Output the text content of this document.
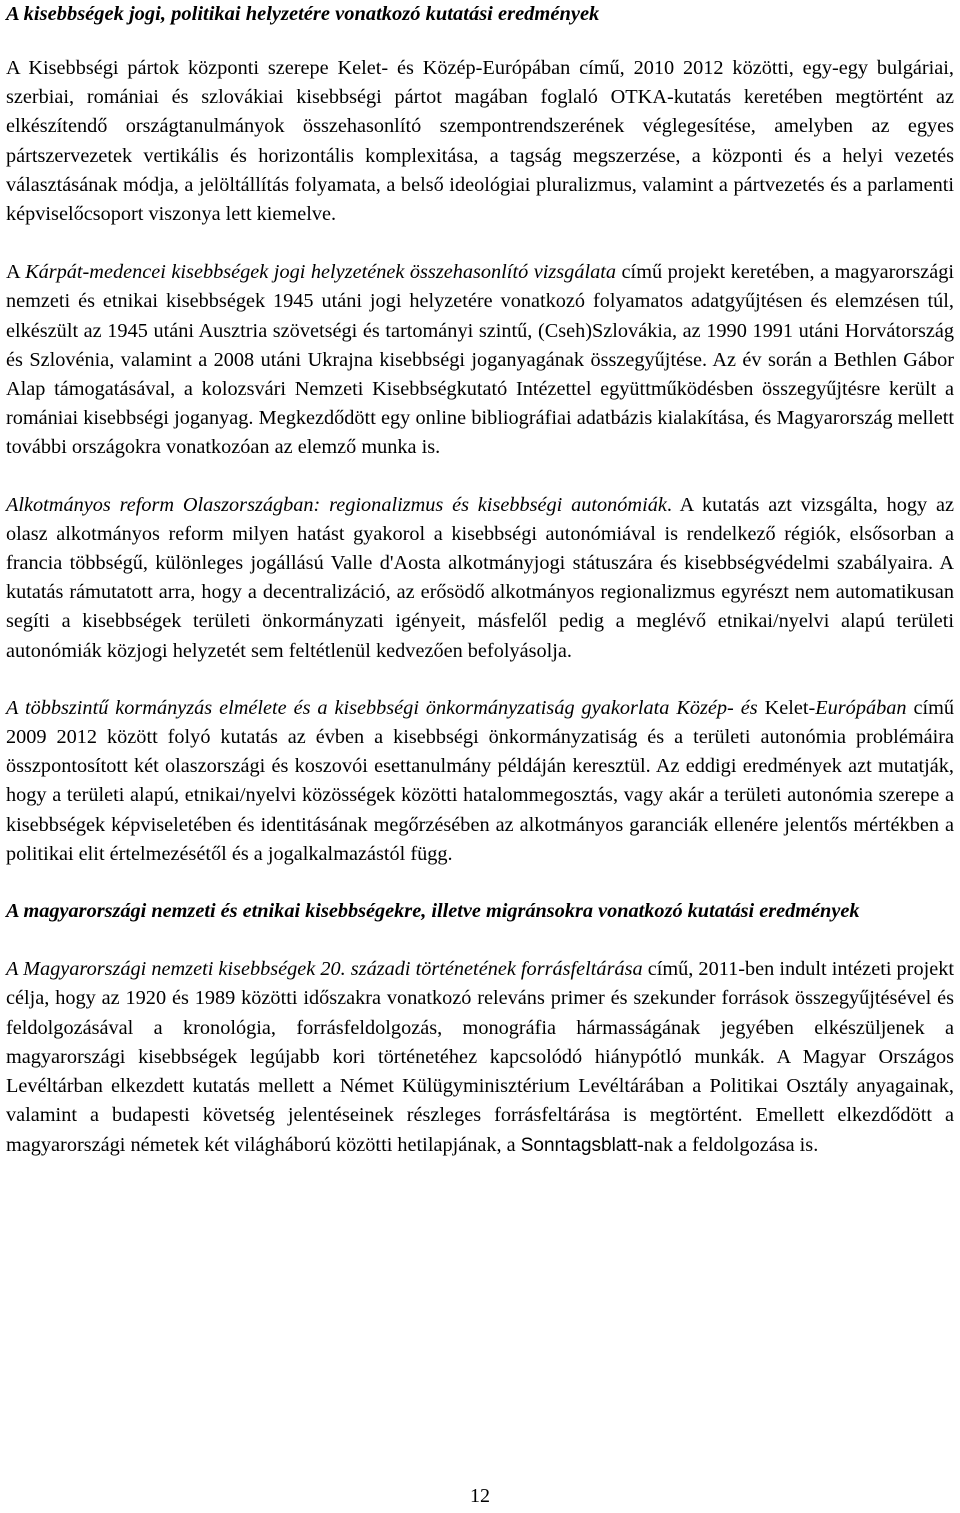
A kisebbségek jogi, politikai helyzetére vonatkozó kutatási eredmények

A Kisebbségi pártok központi szerepe Kelet- és Közép-Európában című, 2010 2012 közötti, egy-egy bulgáriai, szerbiai, romániai és szlovákiai kisebbségi pártot magában foglaló OTKA-kutatás keretében megtörtént az elkészítendő országtanulmányok összehasonlító szempontrendszerének véglegesítése, amelyben az egyes pártszervezetek vertikális és horizontális komplexitása, a tagság megszerzése, a központi és a helyi vezetés választásának módja, a jelöltállítás folyamata, a belső ideológiai pluralizmus, valamint a pártvezetés és a parlamenti képviselőcsoport viszonya lett kiemelve.

A Kárpát-medencei kisebbségek jogi helyzetének összehasonlító vizsgálata című projekt keretében, a magyarországi nemzeti és etnikai kisebbségek 1945 utáni jogi helyzetére vonatkozó folyamatos adatgyűjtésen és elemzésen túl, elkészült az 1945 utáni Ausztria szövetségi és tartományi szintű, (Cseh)Szlovákia, az 1990 1991 utáni Horvátország és Szlovénia, valamint a 2008 utáni Ukrajna kisebbségi joganyagának összegyűjtése. Az év során a Bethlen Gábor Alap támogatásával, a kolozsvári Nemzeti Kisebbségkutató Intézettel együttműködésben összegyűjtésre került a romániai kisebbségi joganyag. Megkezdődött egy online bibliográfiai adatbázis kialakítása, és Magyarország mellett további országokra vonatkozóan az elemző munka is.

Alkotmányos reform Olaszországban: regionalizmus és kisebbségi autonómiák. A kutatás azt vizsgálta, hogy az olasz alkotmányos reform milyen hatást gyakorol a kisebbségi autonómiával is rendelkező régiók, elsősorban a francia többségű, különleges jogállású Valle d'Aosta alkotmányjogi státuszára és kisebbségvédelmi szabályaira. A kutatás rámutatott arra, hogy a decentralizáció, az erősödő alkotmányos regionalizmus egyrészt nem automatikusan segíti a kisebbségek területi önkormányzati igényeit, másfelől pedig a meglévő etnikai/nyelvi alapú területi autonómiák közjogi helyzetét sem feltétlenül kedvezően befolyásolja.

A többszintű kormányzás elmélete és a kisebbségi önkormányzatiság gyakorlata Közép- és Kelet-Európában című 2009 2012 között folyó kutatás az évben a kisebbségi önkormányzatiság és a területi autonómia problémáira összpontosított két olaszországi és koszovói esettanulmány példáján keresztül. Az eddigi eredmények azt mutatják, hogy a területi alapú, etnikai/nyelvi közösségek közötti hatalommegosztás, vagy akár a területi autonómia szerepe a kisebbségek képviseletében és identitásának megőrzésében az alkotmányos garanciák ellenére jelentős mértékben a politikai elit értelmezésétől és a jogalkalmazástól függ.

A magyarországi nemzeti és etnikai kisebbségekre, illetve migránsokra vonatkozó kutatási eredmények

A Magyarországi nemzeti kisebbségek 20. századi történetének forrásfeltárása című, 2011-ben indult intézeti projekt célja, hogy az 1920 és 1989 közötti időszakra vonatkozó releváns primer és szekunder források összegyűjtésével és feldolgozásával a kronológia, forrásfeldolgozás, monográfia hármasságának jegyében elkészüljenek a magyarországi kisebbségek legújabb kori történetéhez kapcsolódó hiánypótló munkák. A Magyar Országos Levéltárban elkezdett kutatás mellett a Német Külügyminisztérium Levéltárában a Politikai Osztály anyagainak, valamint a budapesti követség jelentéseinek részleges forrásfeltárása is megtörtént. Emellett elkezdődött a magyarországi németek két világháború közötti hetilapjának, a Sonntagsblatt-nak a feldolgozása is.

12
